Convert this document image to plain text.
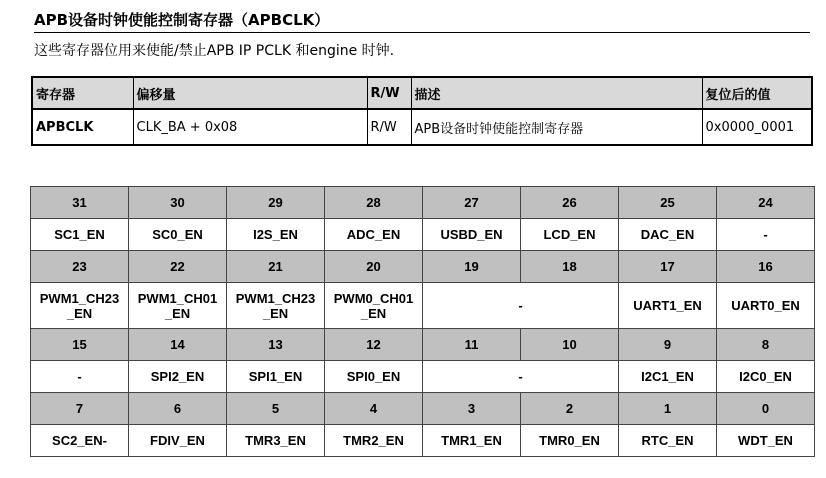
APB设备时钟使能控制寄存器（APBCLK）
这些寄存器位用来使能/禁止APB IP PCLK 和engine 时钟.
寄存器	偏移量	R/W	描述	复位后的值
APBCLK	CLK_BA + 0x08	R/W	APB设备时钟使能控制寄存器	0x0000_0001
31	30	29	28	27	26	25	24
SC1_EN	SC0_EN	I2S_EN	ADC_EN	USBD_EN	LCD_EN	DAC_EN	-
23	22	21	20	19	18	17	16
PWM1_CH23
_EN	PWM1_CH01
_EN	PWM1_CH23
_EN	PWM0_CH01
_EN	-		UART1_EN	UART0_EN
15	14	13	12	11	10	9	8
-	SPI2_EN	SPI1_EN	SPI0_EN	-		I2C1_EN	I2C0_EN
7	6	5	4	3	2	1	0
SC2_EN-	FDIV_EN	TMR3_EN	TMR2_EN	TMR1_EN	TMR0_EN	RTC_EN	WDT_EN
